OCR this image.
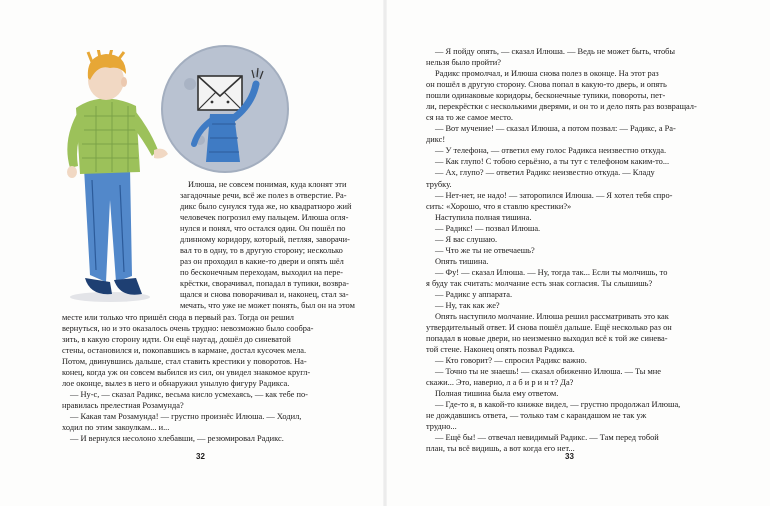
Илюша, не совсем понимая, куда клонят эти

загадочные речи, всё же полез в отверстие. Ра-

дикс было сунулся туда же, но квадратноро жий

человечек погрозил ему пальцем. Илюша огля-

нулся и понял, что остался один. Он пошёл по

длинному коридору, который, петляя, заворачи-

вал то в одну, то в другую сторону; несколько

раз он проходил в какие-то двери и опять шёл

по бесконечным переходам, выходил на пере-

крёстки, сворачивал, попадал в тупики, возвра-

щался и снова поворачивал и, наконец, стал за-

мечать, что уже не может понять, был он на этом

месте или только что пришёл сюда в первый раз. Тогда он решил

вернуться, но и это оказалось очень трудно: невозможно было сообра-

зить, в какую сторону идти. Он ещё наугад, дошёл до синеватой

стены, остановился и, покопавшись в кармане, достал кусочек мела.

Потом, двинувшись дальше, стал ставить крестики у поворотов. На-

конец, когда уж он совсем выбился из сил, он увидел знакомое кругл-

лое оконце, вылез в него и обнаружил унылую фигуру Радикса.

— Ну-с, — сказал Радикс, весьма кисло усмехаясь, — как тебе по-

нравилась прелестная Розамунда?

— Какая там Розамунда! — грустно произнёс Илюша. — Ходил,

ходил по этим закоулкам... и...

— И вернулся несолоно хлебавши, — резюмировал Радикс.

— Я пойду опять, — сказал Илюша. — Ведь не может быть, чтобы

нельзя было пройти?

Радикс промолчал, и Илюша снова полез в оконце. На этот раз

он пошёл в другую сторону. Снова попал в какую-то дверь, и опять

пошли одинаковые коридоры, бесконечные тупики, повороты, пет-

ли, перекрёстки с несколькими дверями, и он то и дело пять раз возвращал-

ся на то же самое место.

— Вот мучение! — сказал Илюша, а потом позвал: — Радикс, а Ра-

дикс!

— У телефона, — ответил ему голос Радикса неизвестно откуда.

— Как глупо! С тобою серьёзно, а ты тут с телефоном каким-то...

— Ах, глупо? — ответил Радикс неизвестно откуда. — Кладу

трубку.

— Нет-нет, не надо! — заторопился Илюша. — Я хотел тебя спро-

сить: «Хорошо, что я ставлю крестики?»

Наступила полная тишина.

— Радикс! — позвал Илюша.

— Я вас слушаю.

— Что же ты не отвечаешь?

Опять тишина.

— Фу! — сказал Илюша. — Ну, тогда так... Если ты молчишь, то

я буду так считать: молчание есть знак согласия. Ты слышишь?

— Радикс у аппарата.

— Ну, так как же?

Опять наступило молчание. Илюша решил рассматривать это как

утвердительный ответ. И снова пошёл дальше. Ещё несколько раз он

попадал в новые двери, но неизменно выходил всё к той же синева-

той стене. Наконец опять позвал Радикса.

— Кто говорит? — спросил Радикс важно.

— Точно ты не знаешь! — сказал обиженно Илюша. — Ты мне

скажи... Это, наверно, л а б и р и н т? Да?

Полная тишина была ему ответом.

— Где-то я, в какой-то книжке видел, — грустно продолжал Илюша,

не дождавшись ответа, — только там с карандашом не так уж

трудно...

— Ещё бы! — отвечал невидимый Радикс. — Там перед тобой

план, ты всё видишь, а вот когда его нет...

32	33
